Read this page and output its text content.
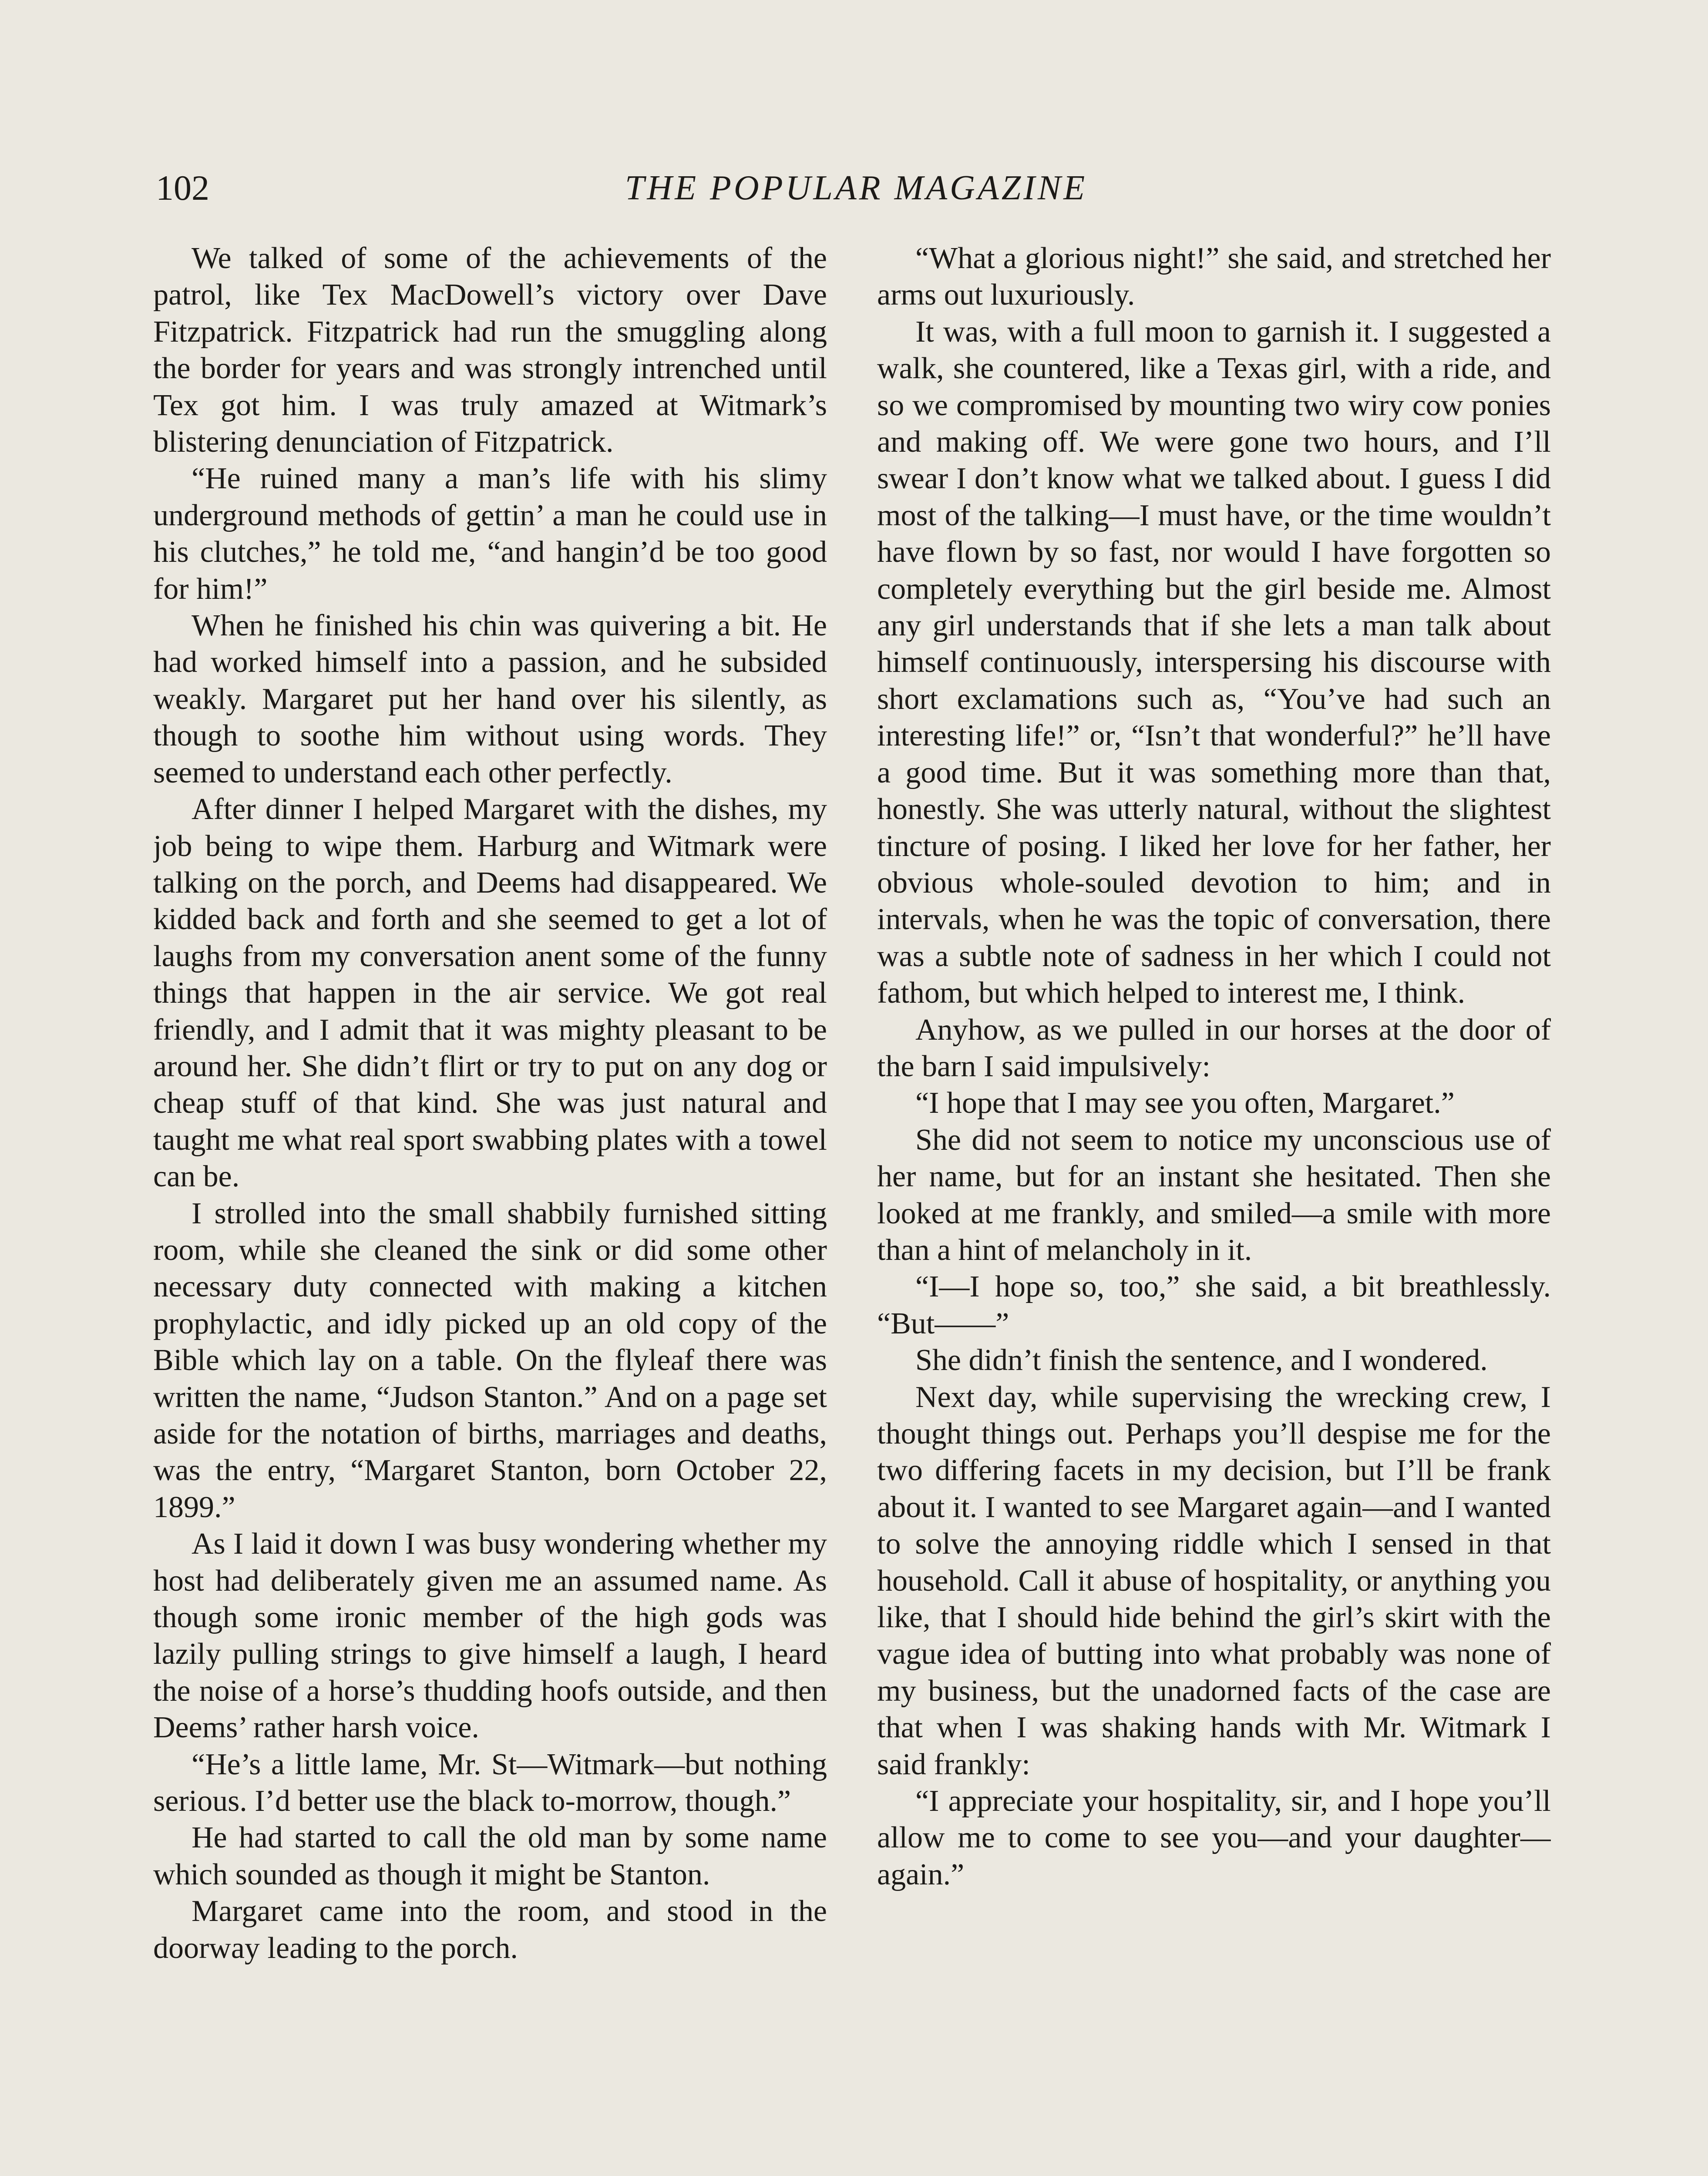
102	THE POPULAR MAGAZINE

We talked of some of the achievements of the patrol, like Tex MacDowell’s victory over Dave Fitzpatrick. Fitzpatrick had run the smuggling along the border for years and was strongly intrenched until Tex got him. I was truly amazed at Witmark’s blistering denunciation of Fitzpatrick.

“He ruined many a man’s life with his slimy underground methods of gettin’ a man he could use in his clutches,” he told me, “and hangin’d be too good for him!”

When he finished his chin was quivering a bit. He had worked himself into a passion, and he subsided weakly. Margaret put her hand over his silently, as though to soothe him without using words. They seemed to understand each other perfectly.

After dinner I helped Margaret with the dishes, my job being to wipe them. Harburg and Witmark were talking on the porch, and Deems had disappeared. We kidded back and forth and she seemed to get a lot of laughs from my conversation anent some of the funny things that happen in the air service. We got real friendly, and I admit that it was mighty pleasant to be around her. She didn’t flirt or try to put on any dog or cheap stuff of that kind. She was just natural and taught me what real sport swabbing plates with a towel can be.

I strolled into the small shabbily furnished sitting room, while she cleaned the sink or did some other necessary duty connected with making a kitchen prophylactic, and idly picked up an old copy of the Bible which lay on a table. On the flyleaf there was written the name, “Judson Stanton.” And on a page set aside for the notation of births, marriages and deaths, was the entry, “Margaret Stanton, born October 22, 1899.”

As I laid it down I was busy wondering whether my host had deliberately given me an assumed name. As though some ironic member of the high gods was lazily pulling strings to give himself a laugh, I heard the noise of a horse’s thudding hoofs outside, and then Deems’ rather harsh voice.

“He’s a little lame, Mr. St—Witmark—but nothing serious. I’d better use the black to-morrow, though.”

He had started to call the old man by some name which sounded as though it might be Stanton.

Margaret came into the room, and stood in the doorway leading to the porch.

“What a glorious night!” she said, and stretched her arms out luxuriously.

It was, with a full moon to garnish it. I suggested a walk, she countered, like a Texas girl, with a ride, and so we compromised by mounting two wiry cow ponies and making off. We were gone two hours, and I’ll swear I don’t know what we talked about. I guess I did most of the talking—I must have, or the time wouldn’t have flown by so fast, nor would I have forgotten so completely everything but the girl beside me. Almost any girl understands that if she lets a man talk about himself continuously, interspersing his discourse with short exclamations such as, “You’ve had such an interesting life!” or, “Isn’t that wonderful?” he’ll have a good time. But it was something more than that, honestly. She was utterly natural, without the slightest tincture of posing. I liked her love for her father, her obvious whole-souled devotion to him; and in intervals, when he was the topic of conversation, there was a subtle note of sadness in her which I could not fathom, but which helped to interest me, I think.

Anyhow, as we pulled in our horses at the door of the barn I said impulsively:

“I hope that I may see you often, Margaret.”

She did not seem to notice my unconscious use of her name, but for an instant she hesitated. Then she looked at me frankly, and smiled—a smile with more than a hint of melancholy in it.

“I—I hope so, too,” she said, a bit breathlessly. “But——”

She didn’t finish the sentence, and I wondered.

Next day, while supervising the wrecking crew, I thought things out. Perhaps you’ll despise me for the two differing facets in my decision, but I’ll be frank about it. I wanted to see Margaret again—and I wanted to solve the annoying riddle which I sensed in that household. Call it abuse of hospitality, or anything you like, that I should hide behind the girl’s skirt with the vague idea of butting into what probably was none of my business, but the unadorned facts of the case are that when I was shaking hands with Mr. Witmark I said frankly:

“I appreciate your hospitality, sir, and I hope you’ll allow me to come to see you—and your daughter—again.”
